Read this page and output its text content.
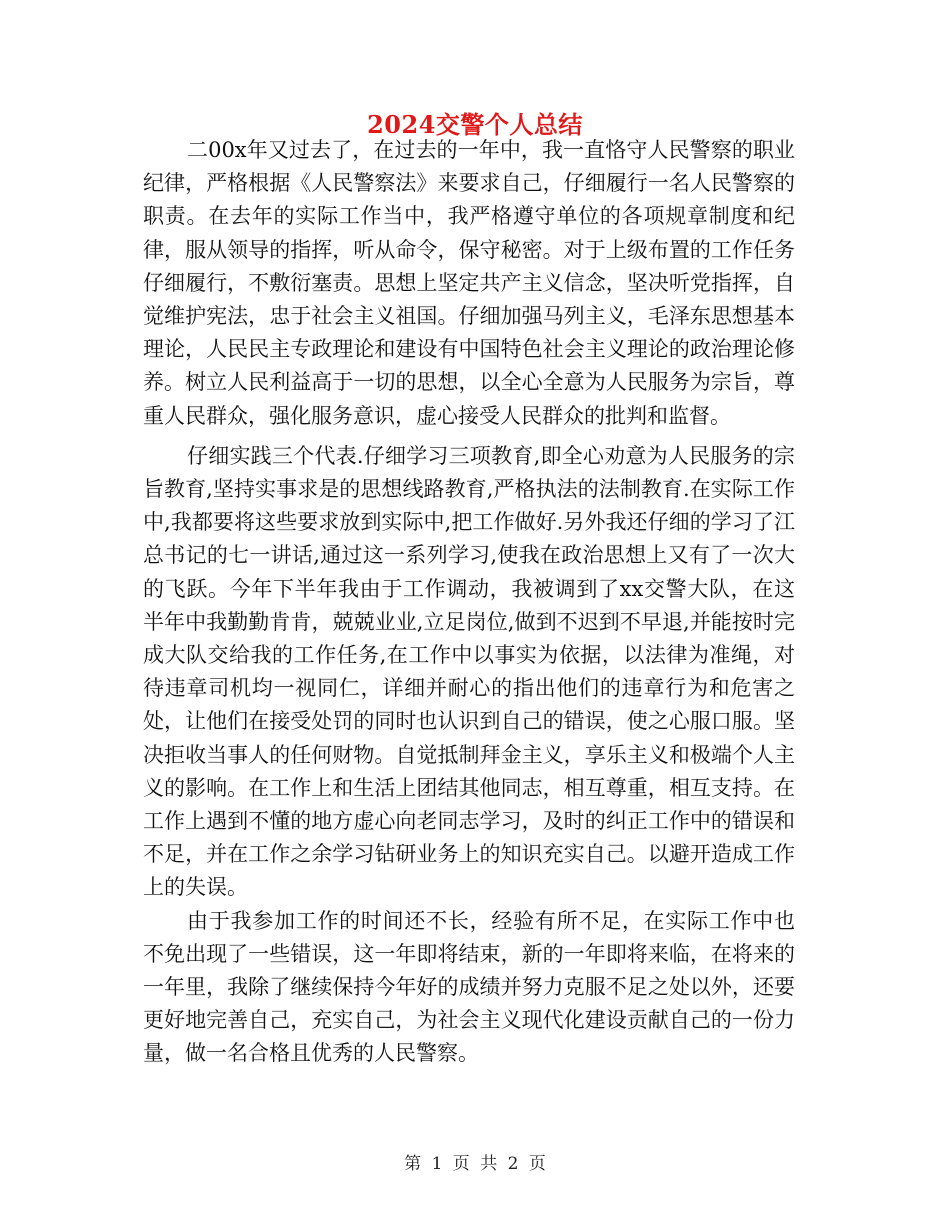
2024交警个人总结

二00x年又过去了，在过去的一年中，我一直恪守人民警察的职业纪律，严格根据《人民警察法》来要求自己，仔细履行一名人民警察的职责。在去年的实际工作当中，我严格遵守单位的各项规章制度和纪律，服从领导的指挥，听从命令，保守秘密。对于上级布置的工作任务仔细履行，不敷衍塞责。思想上坚定共产主义信念，坚决听党指挥，自觉维护宪法，忠于社会主义祖国。仔细加强马列主义，毛泽东思想基本理论，人民民主专政理论和建设有中国特色社会主义理论的政治理论修养。树立人民利益高于一切的思想，以全心全意为人民服务为宗旨，尊重人民群众，强化服务意识，虚心接受人民群众的批判和监督。

仔细实践三个代表.仔细学习三项教育,即全心劝意为人民服务的宗旨教育,坚持实事求是的思想线路教育,严格执法的法制教育.在实际工作中,我都要将这些要求放到实际中,把工作做好.另外我还仔细的学习了江总书记的七一讲话,通过这一系列学习,使我在政治思想上又有了一次大的飞跃。今年下半年我由于工作调动，我被调到了xx交警大队，在这半年中我勤勤肯肯，兢兢业业,立足岗位,做到不迟到不早退,并能按时完成大队交给我的工作任务,在工作中以事实为依据，以法律为准绳，对待违章司机均一视同仁，详细并耐心的指出他们的违章行为和危害之处，让他们在接受处罚的同时也认识到自己的错误，使之心服口服。坚决拒收当事人的任何财物。自觉抵制拜金主义，享乐主义和极端个人主义的影响。在工作上和生活上团结其他同志，相互尊重，相互支持。在工作上遇到不懂的地方虚心向老同志学习，及时的纠正工作中的错误和不足，并在工作之余学习钻研业务上的知识充实自己。以避开造成工作上的失误。

由于我参加工作的时间还不长，经验有所不足，在实际工作中也不免出现了一些错误，这一年即将结束，新的一年即将来临，在将来的一年里，我除了继续保持今年好的成绩并努力克服不足之处以外，还要更好地完善自己，充实自己，为社会主义现代化建设贡献自己的一份力量，做一名合格且优秀的人民警察。

第 1 页 共 2 页
